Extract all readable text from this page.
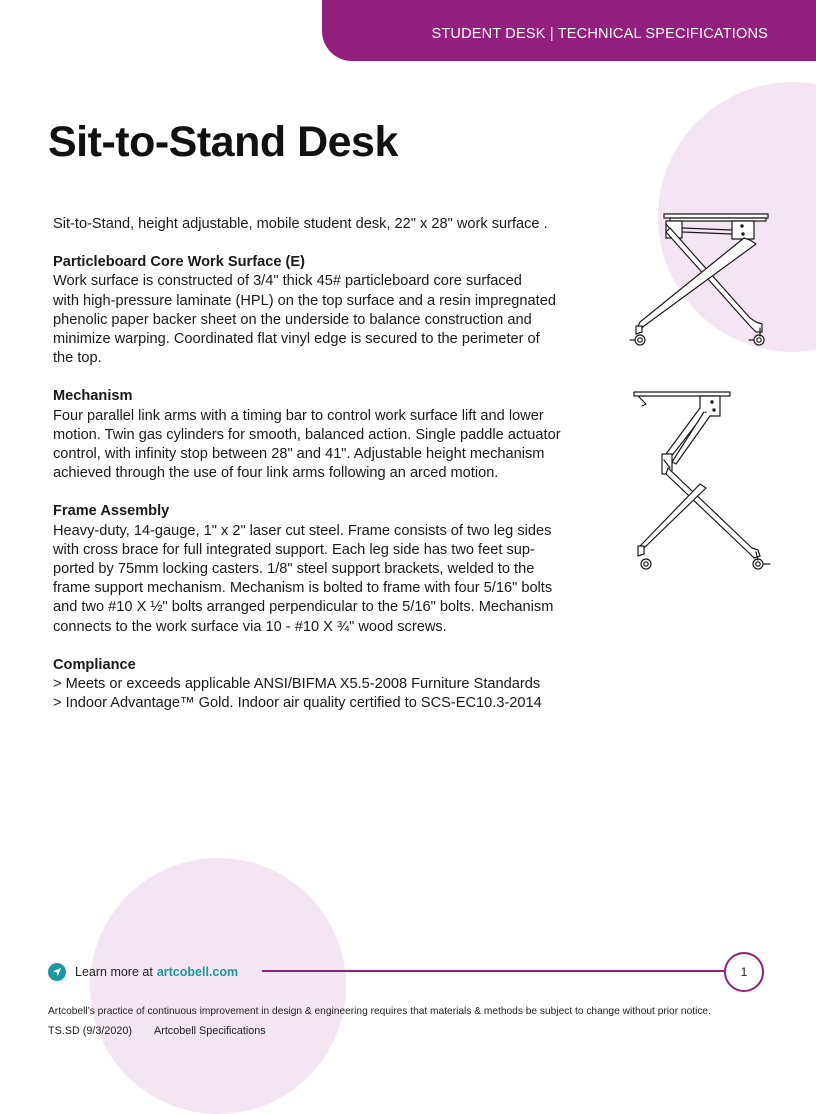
STUDENT DESK | TECHNICAL SPECIFICATIONS
Sit-to-Stand Desk

Sit-to-Stand, height adjustable, mobile student desk, 22" x 28" work surface .

Particleboard Core Work Surface (E)

Work surface is constructed of 3/4" thick 45# particleboard core surfaced
with high-pressure laminate (HPL) on the top surface and a resin impregnated
phenolic paper backer sheet on the underside to balance construction and
minimize warping. Coordinated flat vinyl edge is secured to the perimeter of
the top.

Mechanism

Four parallel link arms with a timing bar to control work surface lift and lower
motion. Twin gas cylinders for smooth, balanced action. Single paddle actuator
control, with infinity stop between 28" and 41". Adjustable height mechanism
achieved through the use of four link arms following an arced motion.

Frame Assembly

Heavy-duty, 14-gauge, 1" x 2" laser cut steel. Frame consists of two leg sides
with cross brace for full integrated support. Each leg side has two feet sup-
ported by 75mm locking casters. 1/8" steel support brackets, welded to the
frame support mechanism. Mechanism is bolted to frame with four 5/16" bolts
and two #10 X ½" bolts arranged perpendicular to the 5/16" bolts. Mechanism
connects to the work surface via 10 - #10 X ¾" wood screws.

Compliance

> Meets or exceeds applicable ANSI/BIFMA X5.5-2008 Furniture Standards
> Indoor Advantage™ Gold. Indoor air quality certified to SCS-EC10.3-2014

Learn more at artcobell.com	1
Artcobell’s practice of continuous improvement in design & engineering requires that materials & methods be subject to change without prior notice.
TS.SD (9/3/2020) Artcobell Specifications
